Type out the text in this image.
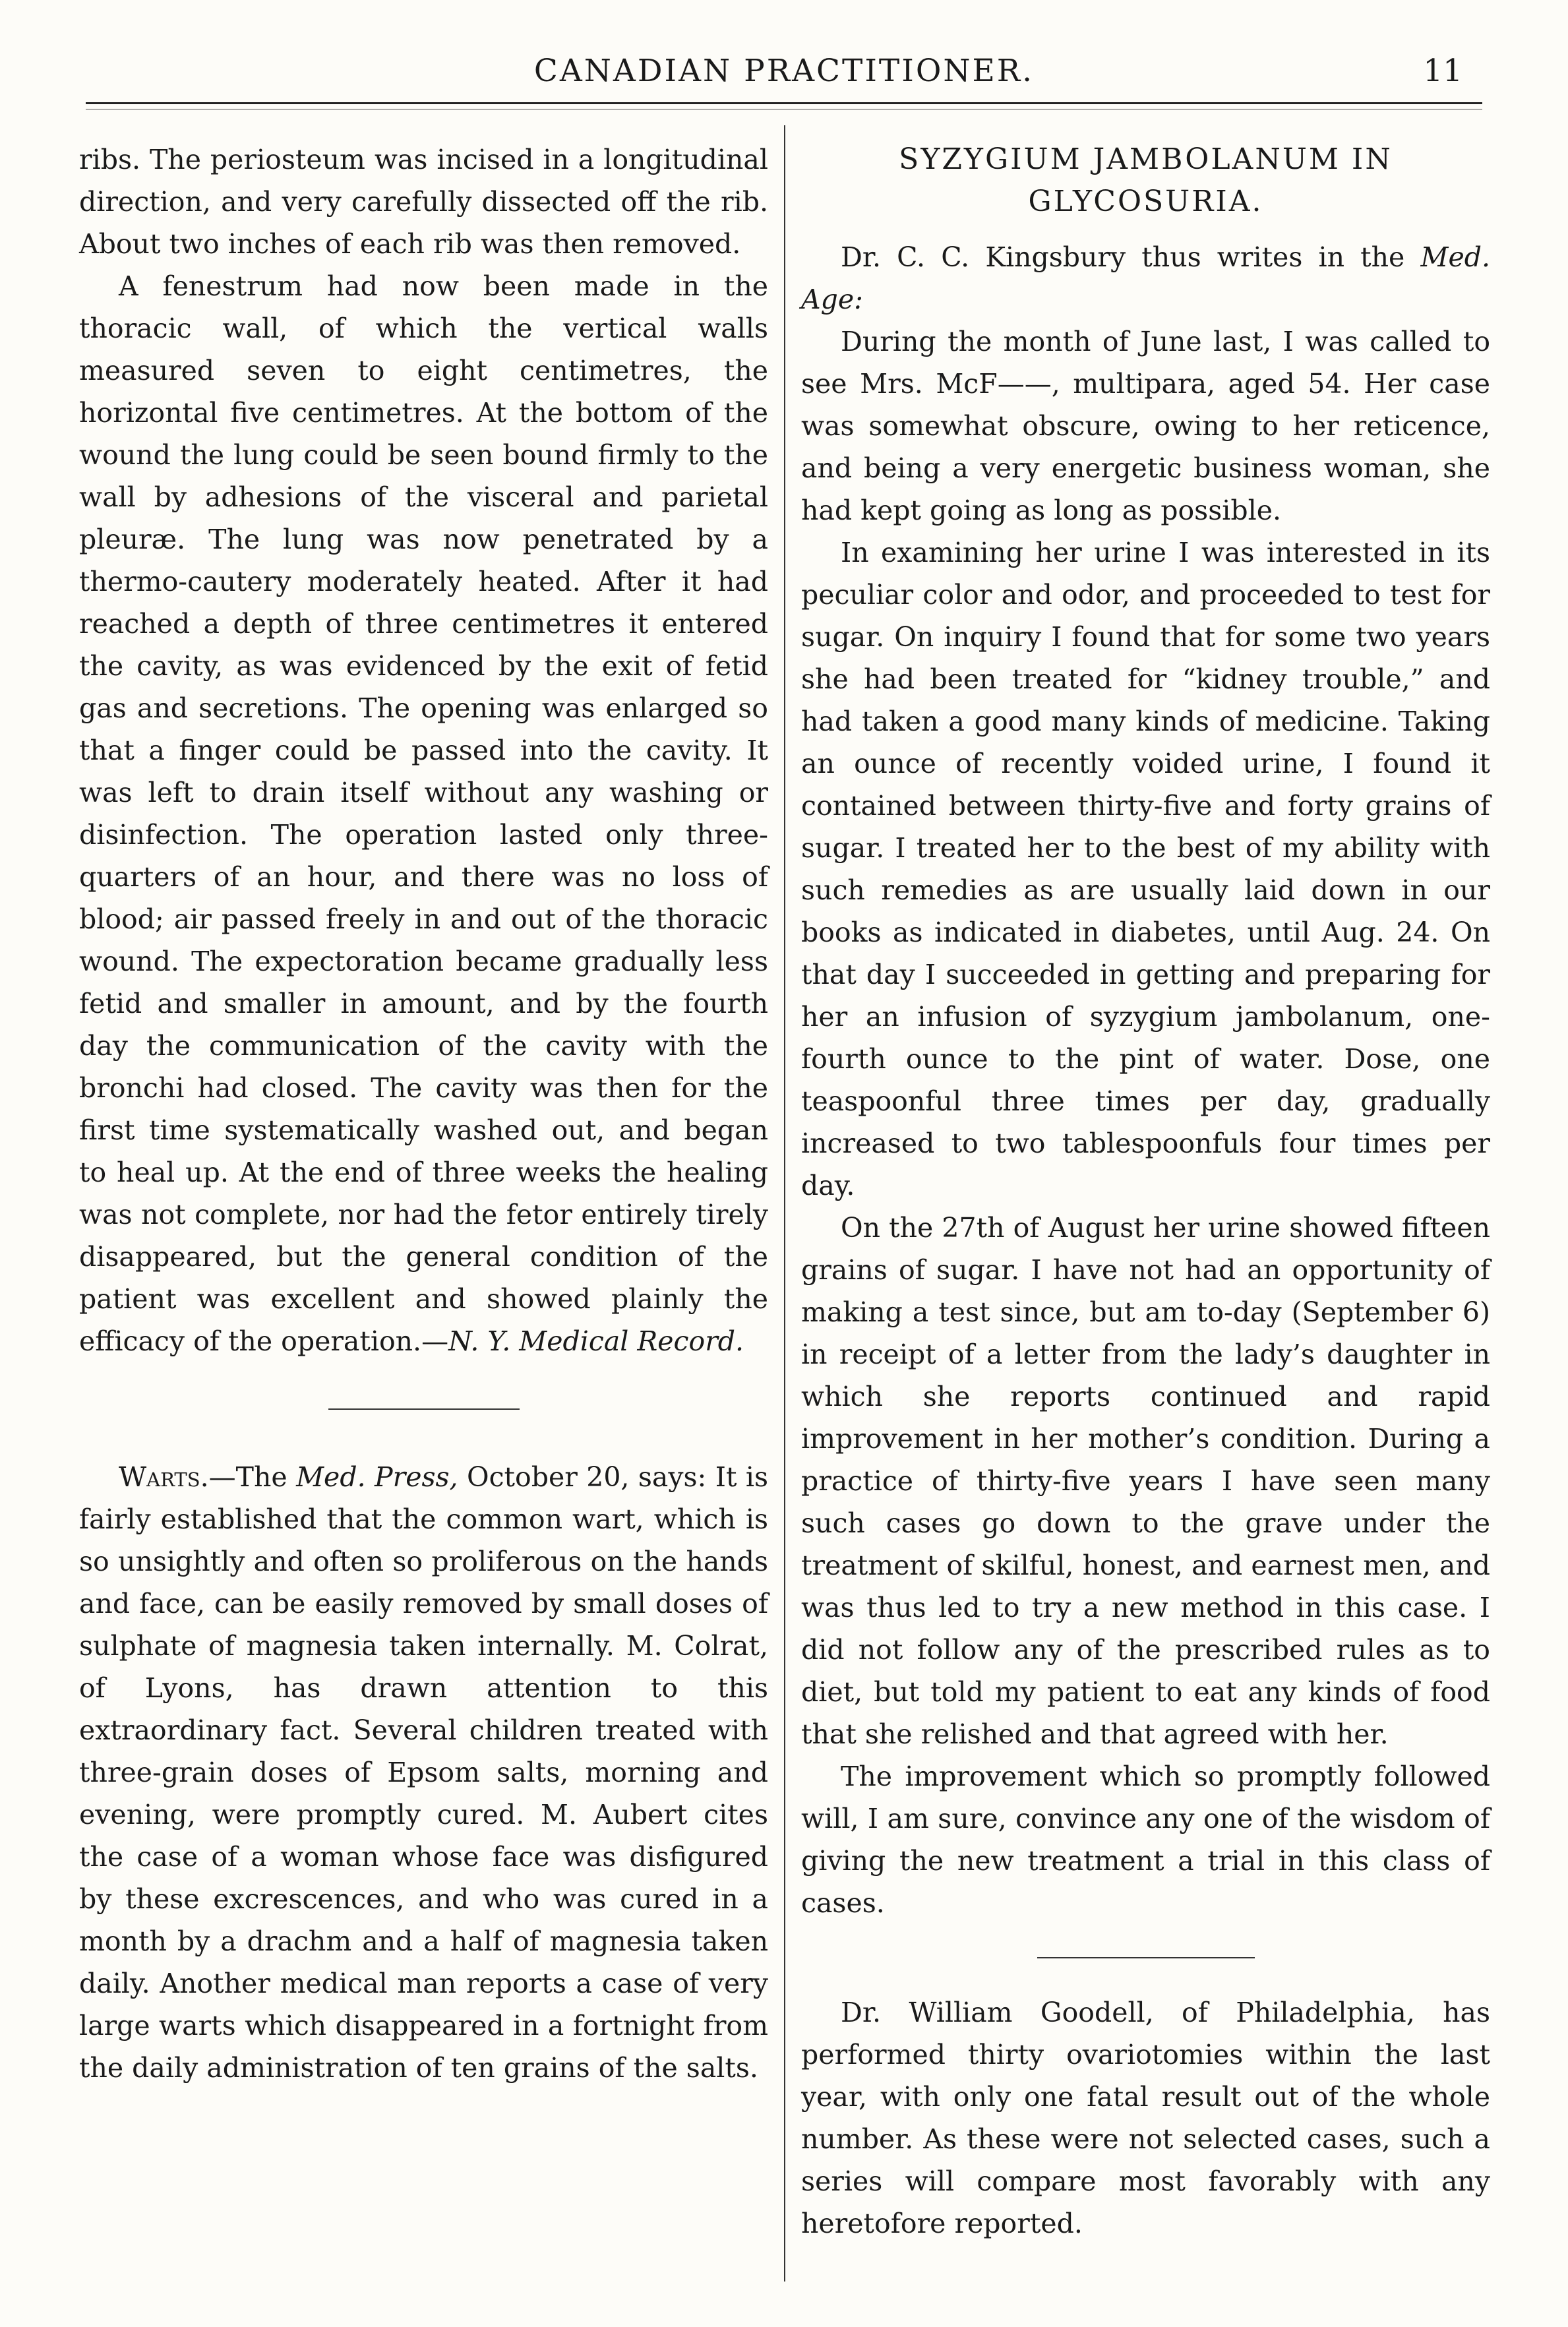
CANADIAN PRACTITIONER.	11

ribs. The periosteum was incised in a longitudinal direction, and very carefully dissected off the rib. About two inches of each rib was then removed.

A fenestrum had now been made in the thoracic wall, of which the vertical walls measured seven to eight centimetres, the horizontal five centimetres. At the bottom of the wound the lung could be seen bound firmly to the wall by adhesions of the visceral and parietal pleuræ. The lung was now penetrated by a thermo-cautery moderately heated. After it had reached a depth of three centimetres it entered the cavity, as was evidenced by the exit of fetid gas and secretions. The opening was enlarged so that a finger could be passed into the cavity. It was left to drain itself without any washing or disinfection. The operation lasted only three-quarters of an hour, and there was no loss of blood; air passed freely in and out of the thoracic wound. The expectoration became gradually less fetid and smaller in amount, and by the fourth day the communication of the cavity with the bronchi had closed. The cavity was then for the first time systematically washed out, and began to heal up. At the end of three weeks the healing was not complete, nor had the fetor entirely tirely disappeared, but the general condition of the patient was excellent and showed plainly the efficacy of the operation.—N. Y. Medical Record.

Warts.—The Med. Press, October 20, says: It is fairly established that the common wart, which is so unsightly and often so proliferous on the hands and face, can be easily removed by small doses of sulphate of magnesia taken internally. M. Colrat, of Lyons, has drawn attention to this extraordinary fact. Several children treated with three-grain doses of Epsom salts, morning and evening, were promptly cured. M. Aubert cites the case of a woman whose face was disfigured by these excrescences, and who was cured in a month by a drachm and a half of magnesia taken daily. Another medical man reports a case of very large warts which disappeared in a fortnight from the daily administration of ten grains of the salts.

SYZYGIUM JAMBOLANUM IN GLYCOSURIA.

Dr. C. C. Kingsbury thus writes in the Med. Age:

During the month of June last, I was called to see Mrs. McF——, multipara, aged 54. Her case was somewhat obscure, owing to her reticence, and being a very energetic business woman, she had kept going as long as possible.

In examining her urine I was interested in its peculiar color and odor, and proceeded to test for sugar. On inquiry I found that for some two years she had been treated for “kidney trouble,” and had taken a good many kinds of medicine. Taking an ounce of recently voided urine, I found it contained between thirty-five and forty grains of sugar. I treated her to the best of my ability with such remedies as are usually laid down in our books as indicated in diabetes, until Aug. 24. On that day I succeeded in getting and preparing for her an infusion of syzygium jambolanum, one-fourth ounce to the pint of water. Dose, one teaspoonful three times per day, gradually increased to two tablespoonfuls four times per day.

On the 27th of August her urine showed fifteen grains of sugar. I have not had an opportunity of making a test since, but am to-day (September 6) in receipt of a letter from the lady’s daughter in which she reports continued and rapid improvement in her mother’s condition. During a practice of thirty-five years I have seen many such cases go down to the grave under the treatment of skilful, honest, and earnest men, and was thus led to try a new method in this case. I did not follow any of the prescribed rules as to diet, but told my patient to eat any kinds of food that she relished and that agreed with her.

The improvement which so promptly followed will, I am sure, convince any one of the wisdom of giving the new treatment a trial in this class of cases.

Dr. William Goodell, of Philadelphia, has performed thirty ovariotomies within the last year, with only one fatal result out of the whole number. As these were not selected cases, such a series will compare most favorably with any heretofore reported.
